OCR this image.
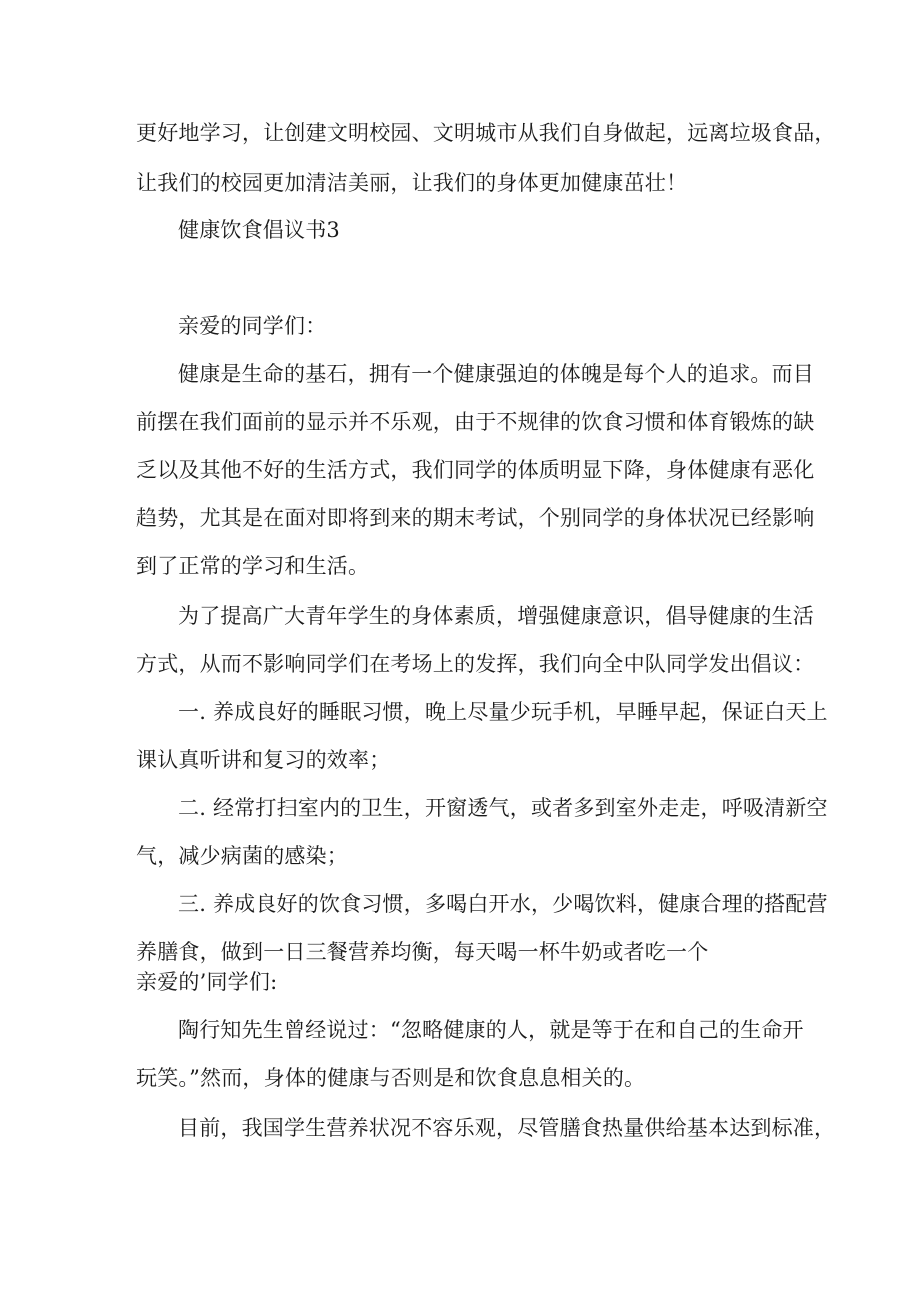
更好地学习，让创建文明校园、文明城市从我们自身做起，远离垃圾食品，
让我们的校园更加清洁美丽，让我们的身体更加健康茁壮！
健康饮食倡议书3
亲爱的同学们：
健康是生命的基石，拥有一个健康强迫的体魄是每个人的追求。而目
前摆在我们面前的显示并不乐观，由于不规律的饮食习惯和体育锻炼的缺
乏以及其他不好的生活方式，我们同学的体质明显下降，身体健康有恶化
趋势，尤其是在面对即将到来的期末考试，个别同学的身体状况已经影响
到了正常的学习和生活。
为了提高广大青年学生的身体素质，增强健康意识，倡导健康的生活
方式，从而不影响同学们在考场上的发挥，我们向全中队同学发出倡议：
一. 养成良好的睡眠习惯，晚上尽量少玩手机，早睡早起，保证白天上
课认真听讲和复习的效率；
二. 经常打扫室内的卫生，开窗透气，或者多到室外走走，呼吸清新空
气，减少病菌的感染；
三. 养成良好的饮食习惯，多喝白开水，少喝饮料，健康合理的搭配营
养膳食，做到一日三餐营养均衡，每天喝一杯牛奶或者吃一个
亲爱的’同学们:
陶行知先生曾经说过：“忽略健康的人，就是等于在和自己的生命开
玩笑。”然而，身体的健康与否则是和饮食息息相关的。
目前，我国学生营养状况不容乐观，尽管膳食热量供给基本达到标准，
